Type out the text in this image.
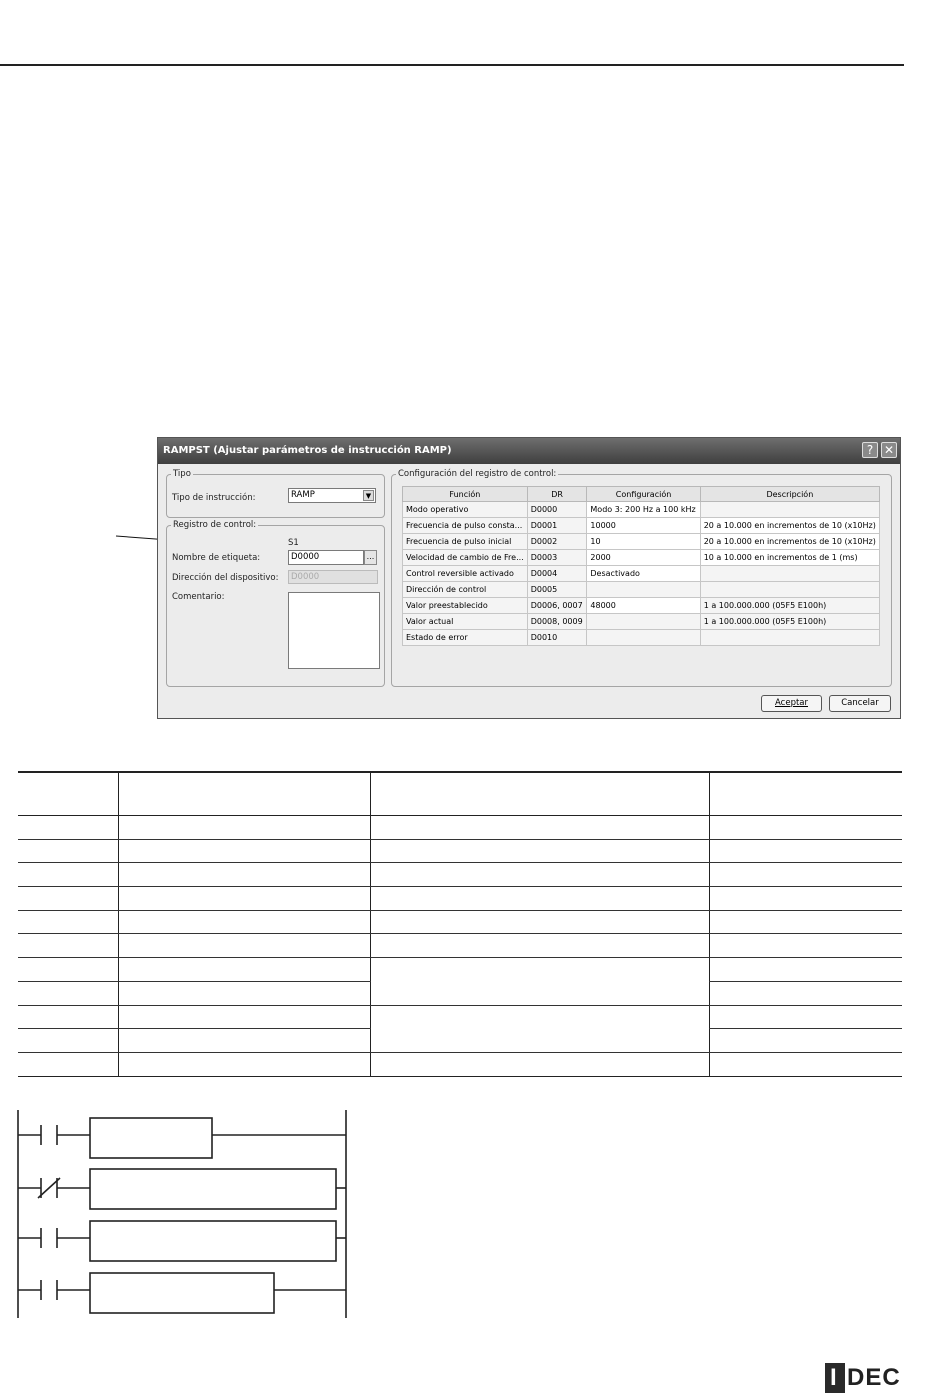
RAMPST (Ajustar parámetros de instrucción RAMP)	? ✕
Tipo
Tipo de instrucción:	RAMP	▼
Registro de control:
S1
Nombre de etiqueta:	D0000	...
Dirección del dispositivo:	D0000
Comentario:
Configuración del registro de control:
Función	DR	Configuración	Descripción
Modo operativo	D0000	Modo 3: 200 Hz a 100 kHz	
Frecuencia de pulso consta...	D0001	10000	20 a 10.000 en incrementos de 10 (x10Hz)
Frecuencia de pulso inicial	D0002	10	20 a 10.000 en incrementos de 10 (x10Hz)
Velocidad de cambio de Fre...	D0003	2000	10 a 10.000 en incrementos de 1 (ms)
Control reversible activado	D0004	Desactivado	
Dirección de control	D0005		
Valor preestablecido	D0006, 0007	48000	1 a 100.000.000 (05F5 E100h)
Valor actual	D0008, 0009		1 a 100.000.000 (05F5 E100h)
Estado de error	D0010		
Aceptar	Cancelar

I DEC
